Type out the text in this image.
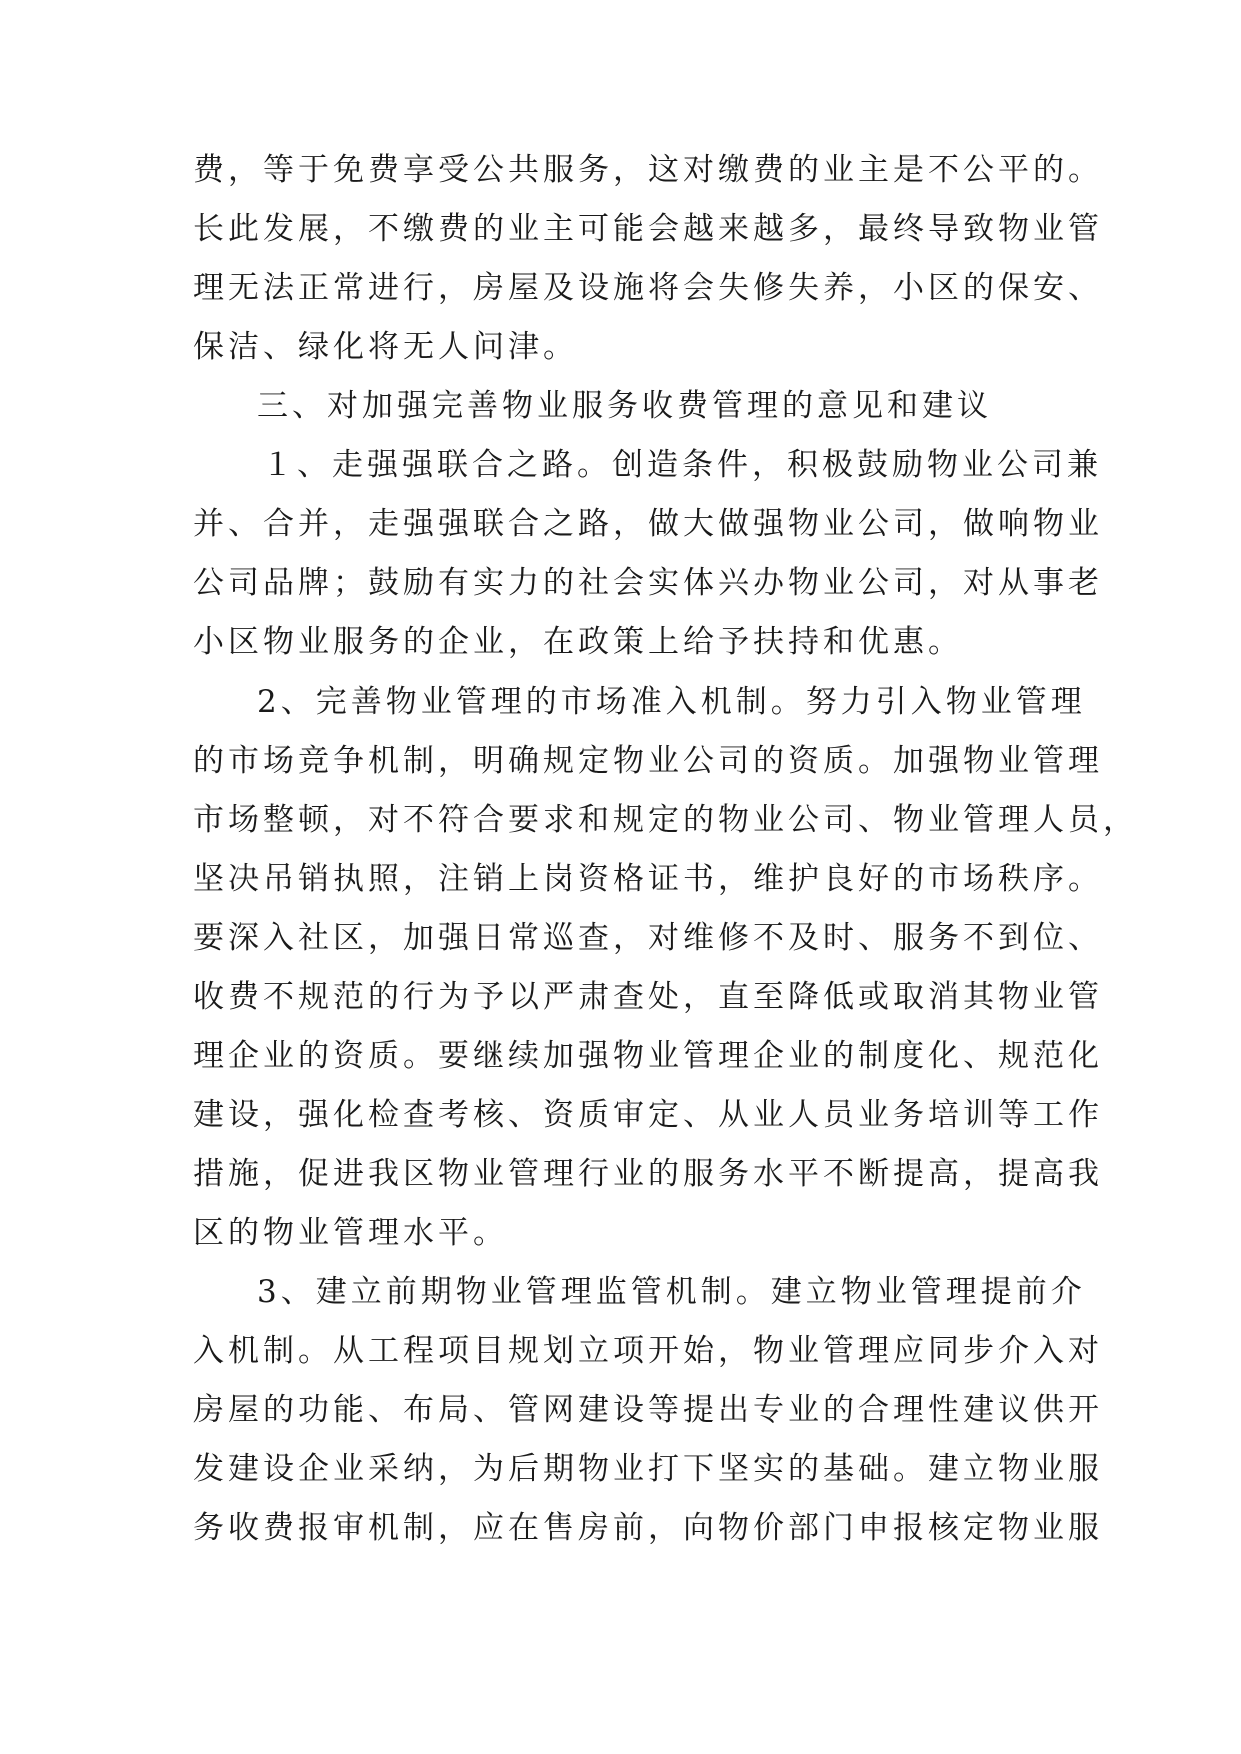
费，等于免费享受公共服务，这对缴费的业主是不公平的。
长此发展，不缴费的业主可能会越来越多，最终导致物业管
理无法正常进行，房屋及设施将会失修失养，小区的保安、
保洁、绿化将无人问津。
三、对加强完善物业服务收费管理的意见和建议
１、走强强联合之路。创造条件，积极鼓励物业公司兼
并、合并，走强强联合之路，做大做强物业公司，做响物业
公司品牌；鼓励有实力的社会实体兴办物业公司，对从事老
小区物业服务的企业，在政策上给予扶持和优惠。
2、完善物业管理的市场准入机制。努力引入物业管理
的市场竞争机制，明确规定物业公司的资质。加强物业管理
市场整顿，对不符合要求和规定的物业公司、物业管理人员，
坚决吊销执照，注销上岗资格证书，维护良好的市场秩序。
要深入社区，加强日常巡查，对维修不及时、服务不到位、
收费不规范的行为予以严肃查处，直至降低或取消其物业管
理企业的资质。要继续加强物业管理企业的制度化、规范化
建设，强化检查考核、资质审定、从业人员业务培训等工作
措施，促进我区物业管理行业的服务水平不断提高，提高我
区的物业管理水平。
3、建立前期物业管理监管机制。建立物业管理提前介
入机制。从工程项目规划立项开始，物业管理应同步介入对
房屋的功能、布局、管网建设等提出专业的合理性建议供开
发建设企业采纳，为后期物业打下坚实的基础。建立物业服
务收费报审机制，应在售房前，向物价部门申报核定物业服
